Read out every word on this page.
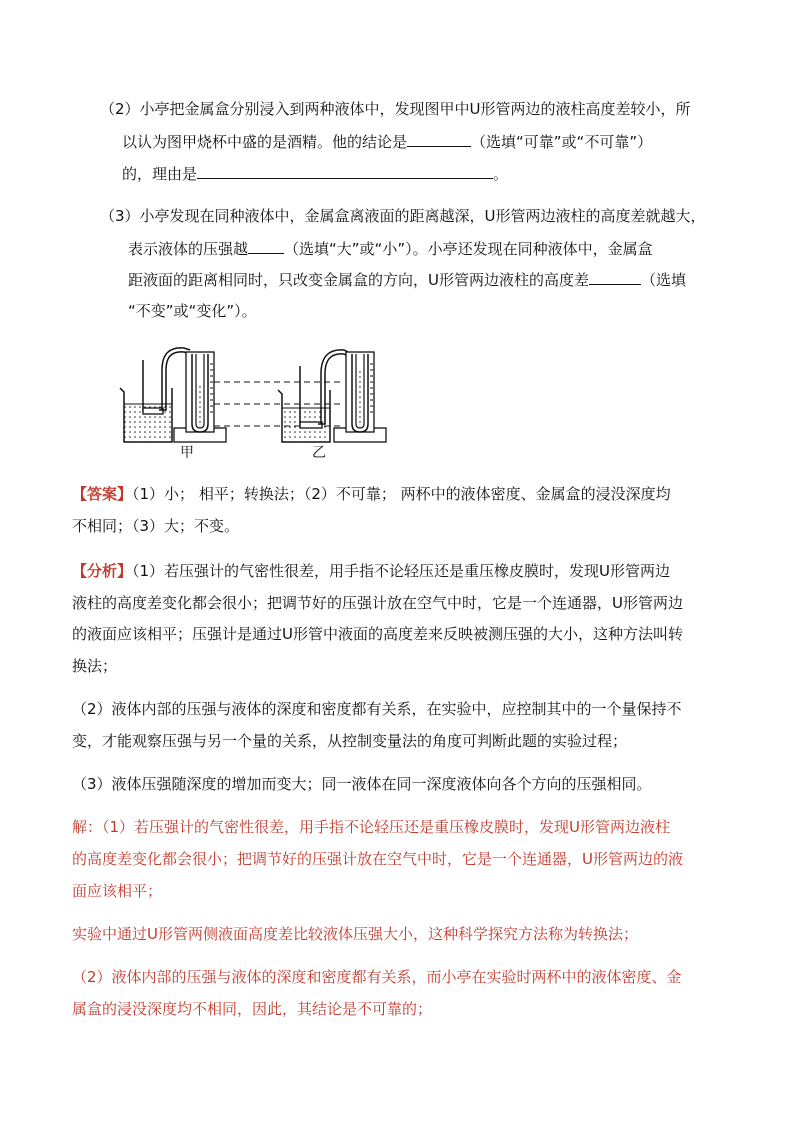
（2）小亭把金属盒分别浸入到两种液体中，发现图甲中U形管两边的液柱高度差较小，所
以认为图甲烧杯中盛的是酒精。他的结论是	（选填“可靠”或“不可靠”）
的，理由是	。
（3）小亭发现在同种液体中，金属盒离液面的距离越深，U形管两边液柱的高度差就越大，
表示液体的压强越 （选填“大”或“小”）。小亭还发现在同种液体中，金属盒
距液面的距离相同时，只改变金属盒的方向，U形管两边液柱的高度差	（选填
“不变”或“变化”）。
甲	乙
【答案】（1）小； 相平；转换法；（2）不可靠； 两杯中的液体密度、金属盒的浸没深度均
不相同；（3）大；不变。
【分析】（1）若压强计的气密性很差，用手指不论轻压还是重压橡皮膜时，发现U形管两边
液柱的高度差变化都会很小；把调节好的压强计放在空气中时，它是一个连通器，U形管两边
的液面应该相平；压强计是通过U形管中液面的高度差来反映被测压强的大小，这种方法叫转
换法；
（2）液体内部的压强与液体的深度和密度都有关系，在实验中，应控制其中的一个量保持不
变，才能观察压强与另一个量的关系，从控制变量法的角度可判断此题的实验过程；
（3）液体压强随深度的增加而变大；同一液体在同一深度液体向各个方向的压强相同。
解：（1）若压强计的气密性很差，用手指不论轻压还是重压橡皮膜时，发现U形管两边液柱
的高度差变化都会很小；把调节好的压强计放在空气中时，它是一个连通器，U形管两边的液
面应该相平；
实验中通过U形管两侧液面高度差比较液体压强大小，这种科学探究方法称为转换法；
（2）液体内部的压强与液体的深度和密度都有关系，而小亭在实验时两杯中的液体密度、金
属盒的浸没深度均不相同，因此，其结论是不可靠的；
